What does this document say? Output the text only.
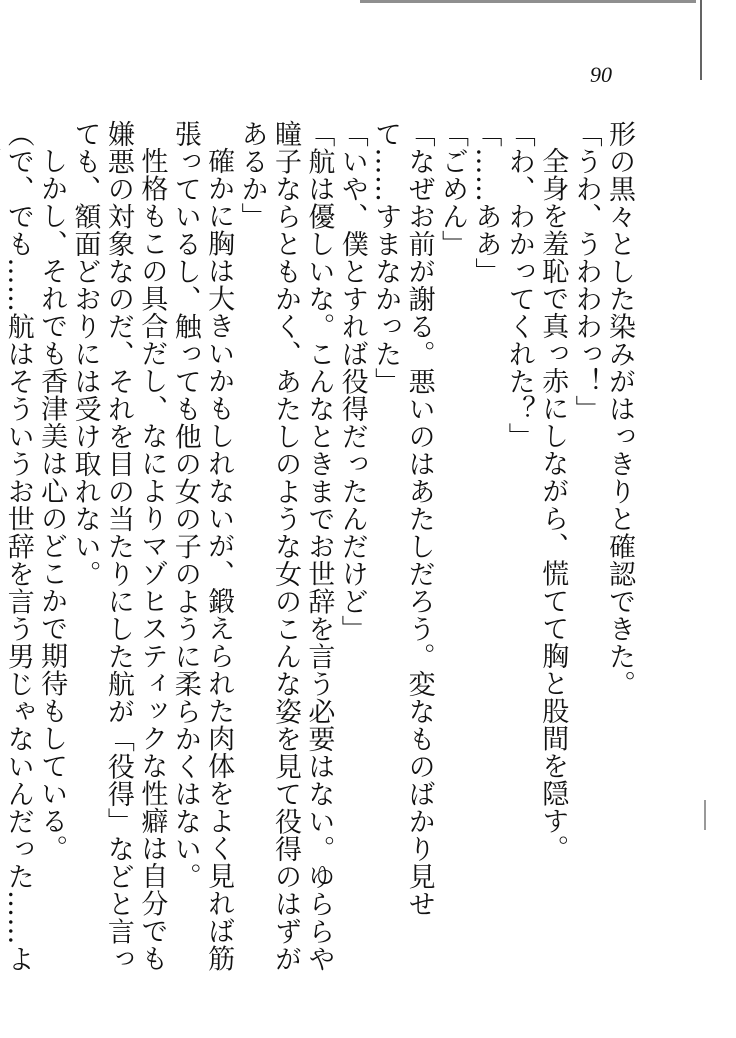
90

形の黒々とした染みがはっきりと確認できた。

「うわ、うわわわっ！」

全身を羞恥で真っ赤にしながら、慌てて胸と股間を隠す。

「わ、わかってくれた？」

「……ああ」

「ごめん」

「なぜお前が謝る。悪いのはあたしだろう。変なものばかり見せて……すまなかった」

「いや、僕とすれば役得だったんだけど」

「航は優しいな。こんなときまでお世辞を言う必要はない。ゆららや瞳子ならともかく、あたしのような女のこんな姿を見て役得のはずがあるか」

確かに胸は大きいかもしれないが、鍛えられた肉体をよく見れば筋張っているし、触っても他の女の子のように柔らかくはない。

性格もこの具合だし、なによりマゾヒスティックな性癖は自分でも嫌悪の対象なのだ、それを目の当たりにした航が「役得」などと言っても、額面どおりには受け取れない。

しかし、それでも香津美は心のどこかで期待もしている。

（で、でも……航はそういうお世辞を言う男じゃないんだった……よ
